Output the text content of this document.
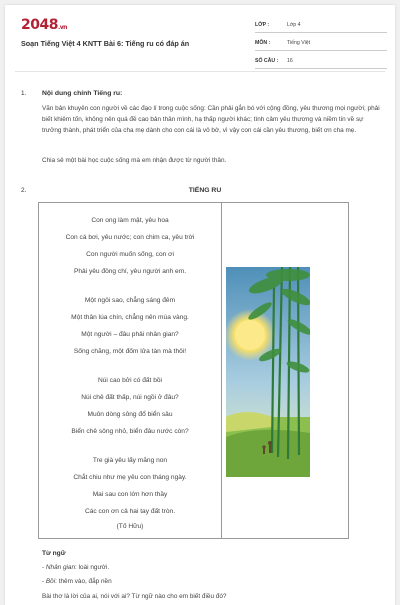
2048.vn
Soạn Tiếng Việt 4 KNTT Bài 6: Tiếng ru có đáp án
LỚP :	Lớp 4
MÔN :	Tiếng Việt
SỐ CÂU :	16
1. Nội dung chính Tiếng ru:
Văn bản khuyên con người về các đạo lí trong cuộc sống: Cần phải gắn bó với cộng đồng, yêu thương mọi người; phải biết khiêm tốn, không nên quá đề cao bản thân mình, hạ thấp người khác; tình cảm yêu thương và niềm tin về sự trưởng thành, phát triển của cha mẹ dành cho con cái là vô bờ, vì vậy con cái cần yêu thương, biết ơn cha mẹ.
Chia sẻ một bài học cuộc sống mà em nhận được từ người thân.
2.	TIẾNG RU
Con ong làm mật, yêu hoa
Con cá bơi, yêu nước; con chim ca, yêu trời
Con người muốn sống, con ơi
Phải yêu đồng chí, yêu người anh em.
Một ngôi sao, chẳng sáng đêm
Một thân lúa chín, chẳng nên mùa vàng.
Một người – đâu phải nhân gian?
Sống chăng, một đốm lửa tàn mà thôi!
Núi cao bởi có đất bồi
Núi chê đất thấp, núi ngồi ở đâu?
Muôn dòng sông đổ biển sâu
Biển chê sông nhỏ, biển đâu nước còn?
Tre già yêu lấy măng non
Chắt chiu như mẹ yêu con tháng ngày.
Mai sau con lớn hơn thầy
Các con ơn cả hai tay đất tròn.
(Tố Hữu)
Từ ngữ
- Nhân gian: loài người.
- Bồi: thêm vào, đắp nền
Bài thơ là lời của ai, nói với ai? Từ ngữ nào cho em biết điều đó?
